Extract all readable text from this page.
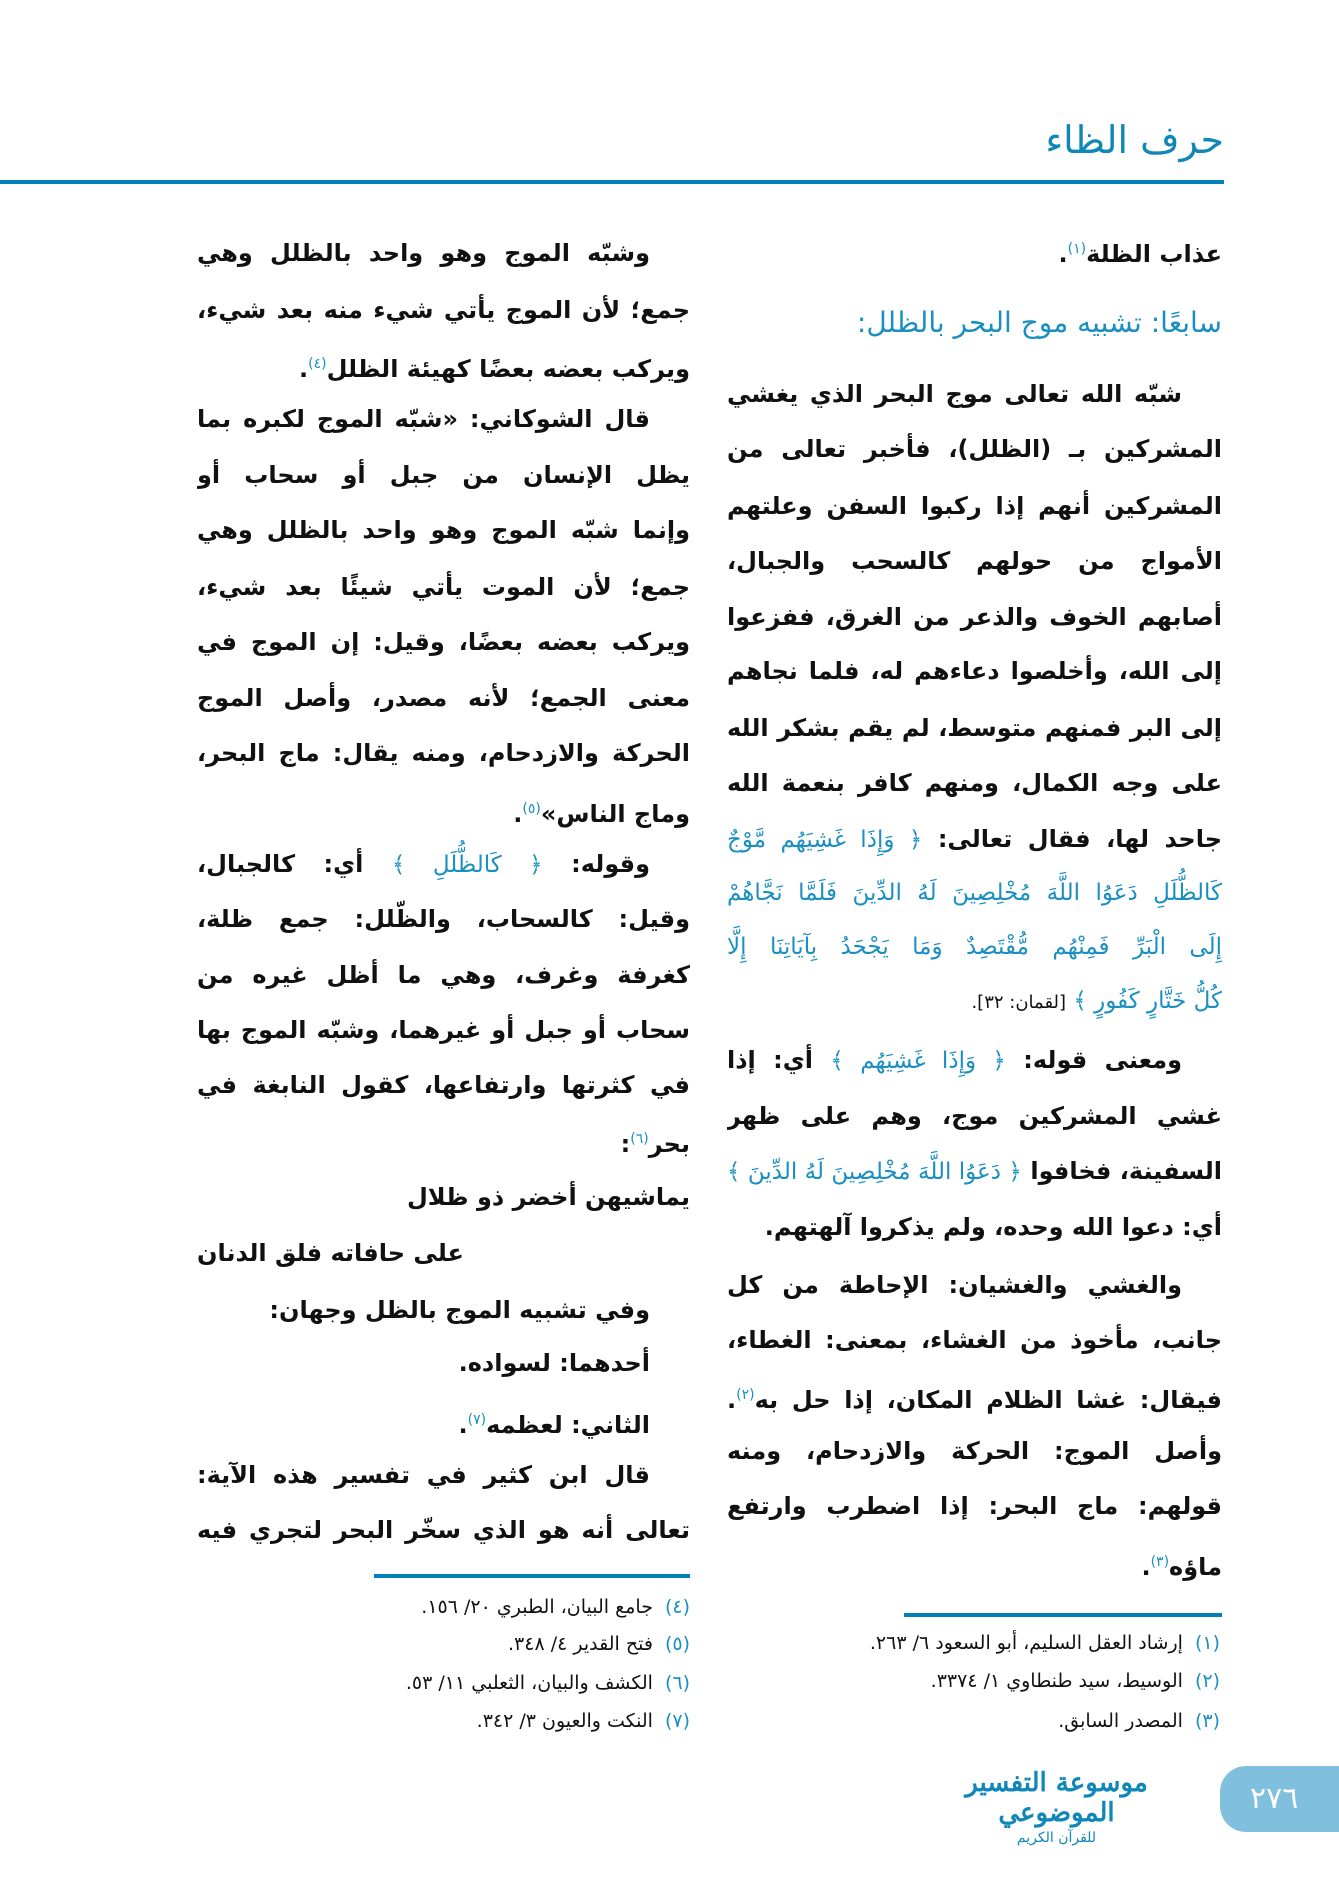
حرف الظاء
عذاب الظلة$^{(١)}$.
سابعًا: تشبيه موج البحر بالظلل:
شبّه الله تعالى موج البحر الذي يغشي
المشركين بـ (الظلل)، فأخبر تعالى من
المشركين أنهم إذا ركبوا السفن وعلتهم
الأمواج من حولهم كالسحب والجبال،
أصابهم الخوف والذعر من الغرق، ففزعوا
إلى الله، وأخلصوا دعاءهم له، فلما نجاهم
إلى البر فمنهم متوسط، لم يقم بشكر الله
على وجه الكمال، ومنهم كافر بنعمة الله
جاحد لها، فقال تعالى: ﴿ وَإِذَا غَشِيَهُم مَّوْجٌ
كَالظُّلَلِ دَعَوُا اللَّهَ مُخْلِصِينَ لَهُ الدِّينَ فَلَمَّا نَجَّاهُمْ
إِلَى الْبَرِّ فَمِنْهُم مُّقْتَصِدٌ وَمَا يَجْحَدُ بِآيَاتِنَا إِلَّا
كُلُّ خَتَّارٍ كَفُورٍ ﴾ [لقمان: ٣٢].
ومعنى قوله: ﴿ وَإِذَا غَشِيَهُم ﴾ أي: إذا
غشي المشركين موج، وهم على ظهر
السفينة، فخافوا ﴿ دَعَوُا اللَّهَ مُخْلِصِينَ لَهُ الدِّينَ ﴾
أي: دعوا الله وحده، ولم يذكروا آلهتهم.
والغشي والغشيان: الإحاطة من كل
جانب، مأخوذ من الغشاء، بمعنى: الغطاء،
فيقال: غشا الظلام المكان، إذا حل به$^{(٢)}$.
وأصل الموج: الحركة والازدحام، ومنه
قولهم: ماج البحر: إذا اضطرب وارتفع
ماؤه$^{(٣)}$.
وشبّه الموج وهو واحد بالظلل وهي
جمع؛ لأن الموج يأتي شيء منه بعد شيء،
ويركب بعضه بعضًا كهيئة الظلل$^{(٤)}$.
قال الشوكاني: «شبّه الموج لكبره بما
يظل الإنسان من جبل أو سحاب أو
وإنما شبّه الموج وهو واحد بالظلل وهي
جمع؛ لأن الموت يأتي شيئًا بعد شيء،
ويركب بعضه بعضًا، وقيل: إن الموج في
معنى الجمع؛ لأنه مصدر، وأصل الموج
الحركة والازدحام، ومنه يقال: ماج البحر،
وماج الناس»$^{(٥)}$.
وقوله: ﴿ كَالظُّلَلِ ﴾ أي: كالجبال،
وقيل: كالسحاب، والظّلل: جمع ظلة،
كغرفة وغرف، وهي ما أظل غيره من
سحاب أو جبل أو غيرهما، وشبّه الموج بها
في كثرتها وارتفاعها، كقول النابغة في
بحر$^{(٦)}$:
يماشيهن أخضر ذو ظلال
على حافاته فلق الدنان
وفي تشبيه الموج بالظل وجهان:
أحدهما: لسواده.
الثاني: لعظمه$^{(٧)}$.
قال ابن كثير في تفسير هذه الآية:
تعالى أنه هو الذي سخّر البحر لتجري فيه
(٤)جامع البيان، الطبري ٢٠/ ١٥٦.
(٥)فتح القدير ٤/ ٣٤٨.
(٦)الكشف والبيان، الثعلبي ١١/ ٥٣.
(٧)النكت والعيون ٣/ ٣٤٢.
(١)إرشاد العقل السليم، أبو السعود ٦/ ٢٦٣.
(٢)الوسيط، سيد طنطاوي ١/ ٣٣٧٤.
(٣)المصدر السابق.
موسوعة التفسير الموضوعي
للقرآن الكريم
٢٧٦
